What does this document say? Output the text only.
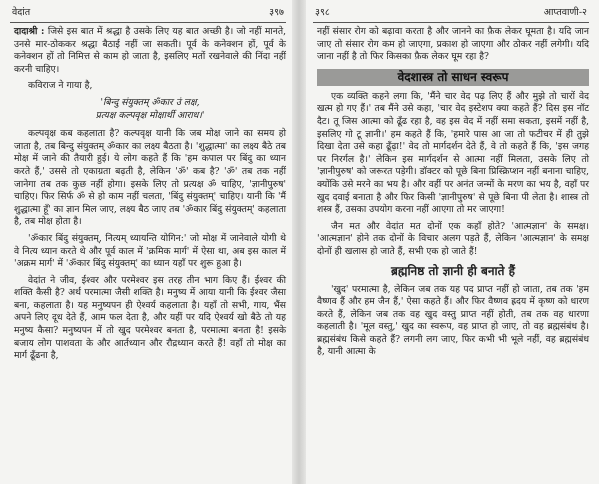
वेदांत	३९७

दादाश्री : जिसे इस बात में श्रद्धा है उसके लिए यह बात अच्छी है। जो नहीं मानते, उनसे मार-ठोककर श्रद्धा बैठाई नहीं जा सकती। पूर्व के कनेक्शन हों, पूर्व के कनेक्शन हों तो निमित्त से काम हो जाता है, इसलिए मतों रखनेवाले की निंदा नहीं करनी चाहिए।

कविराज ने गाया है,

'बिन्दु संयुक्तम् ॐकार उं लक्ष,
प्रत्यक्ष कल्पवृक्ष मोक्षार्थी आराध।'

कल्पवृक्ष कब कहलाता है? कल्पवृक्ष यानी कि जब मोक्ष जाने का समय हो जाता है, तब बिन्दु संयुक्तम् ॐकार का लक्ष्य बैठता है। 'शुद्धात्मा' का लक्ष्य बैठे तब मोक्ष में जाने की तैयारी हुई। ये लोग कहते हैं कि 'हम कपाल पर बिंदु का ध्यान करते हैं,' उससे तो एकाग्रता बढ़ती है, लेकिन 'ॐ' कब है? 'ॐ' तब तक नहीं जानेगा तब तक कुछ नहीं होगा। इसके लिए तो प्रत्यक्ष ॐ चाहिए, 'ज्ञानीपुरुष' चाहिए। फिर सिर्फ ॐ से हो काम नहीं चलता, 'बिंदु संयुक्तम्' चाहिए। यानी कि 'मैं शुद्धात्मा हूँ' का ज्ञान मिल जाए, लक्ष्य बैठ जाए तब 'ॐकार बिंदु संयुक्तम्' कहलाता है, तब मोक्ष होता है।

'ॐकार बिंदु संयुक्तम्, नित्यम् ध्यायन्ति योगिन:' जो मोक्ष में जानेवाले योगी थे वे नित्य ध्यान करते थे और पूर्व काल में 'क्रमिक मार्ग' में ऐसा था, अब इस काल में 'अक्रम मार्ग' में 'ॐकार बिंदु संयुक्तम्' का ध्यान यहाँ पर शुरू हुआ है।

वेदांत ने जीव, ईश्वर और परमेश्वर इस तरह तीन भाग किए हैं। ईश्वर की शक्ति कैसी है? अर्थ परमात्मा जैसी शक्ति है। मनुष्य में आया यानी कि ईश्वर जैसा बना, कहलाता है। यह मनुष्यपन ही ऐश्वर्य कहलाता है। यहाँ तो सभी, गाय, भैंस अपने लिए दूध देते हैं, आम फल देता है, और यहीं पर यदि ऐश्वर्य खो बैठे तो यह मनुष्य कैसा? मनुष्यपन में तो खुद परमेश्वर बनता है, परमात्मा बनता है! इसके बजाय लोग पाशवता के और आर्तध्यान और रौद्रध्यान करते हैं! वहाँ तो मोक्ष का मार्ग ढूँढना है,

३९८	आप्तवाणी-२

नहीं संसार रोग को बढ़ावा करता है और जानने का फ़ैक लेकर घूमता है। यदि जान जाए तो संसार रोग कम हो जाएगा, प्रकाश हो जाएगा और ठोकर नहीं लगेगी। यदि जाना नहीं है तो फिर किसका फ़ैक लेकर घूम रहा है?

वेदशास्त्र तो साधन स्वरूप

एक व्यक्ति कहने लगा कि, 'मैंने चार वेद पढ़ लिए हैं और मुझे तो चारों वेद खत्म हो गए हैं।' तब मैंने उसे कहा, 'चार वेद इस्टेशप क्या कहते हैं? दिस इस नॉट दैट। तू जिस आत्मा को ढूँढ रहा है, वह इस वेद में नहीं समा सकता, इसमें नहीं है, इसलिए गो टू ज्ञानी।' हम कहते हैं कि, 'हमारे पास आ जा तो फटीचर में ही तुझे दिखा देता उसे कहा ढूँढ़ा!' वेद तो मार्गदर्शन देते हैं, वे तो कहते हैं कि, 'इस जगह पर निरर्गल है।' लेकिन इस मार्गदर्शन से आत्मा नहीं मिलता, उसके लिए तो 'ज्ञानीपुरुष' को जरूरत पड़ेगी। डॉक्टर को पूछे बिना प्रिस्क्रिप्शन नहीं बनाना चाहिए, क्योंकि उसे मरने का भय है। और वहीं पर अनंत जन्मों के मरण का भय है, वहाँ पर खुद दवाई बनाता है और फिर किसी 'ज्ञानीपुरुष' से पूछे बिना पी लेता है। शास्त्र तो शस्त्र हैं, उसका उपयोग करना नहीं आएगा तो मर जाएगा!

जैन मत और वेदांत मत दोनों एक कहाँ होते? 'आत्मज्ञान' के समक्ष। 'आत्मज्ञान' होने तक दोनों के विचार अलग पड़ते हैं, लेकिन 'आत्मज्ञान' के समक्ष दोनों ही खलास हो जाते हैं, सभी एक हो जाते हैं!

ब्रह्मनिष्ठ तो ज्ञानी ही बनाते हैं

'खुद' परमात्मा है, लेकिन जब तक यह पद प्राप्त नहीं हो जाता, तब तक 'हम वैष्णव हैं और हम जैन हैं,' ऐसा कहते हैं। और फिर वैष्णव ह्रदय में कृष्ण को धारण करते हैं, लेकिन जब तक वह खुद वस्तु प्राप्त नहीं होती, तब तक वह धारणा कहलाती है। 'मूल वस्तु,' खुद का स्वरूप, वह प्राप्त हो जाए, तो वह ब्रह्मसंबंध है। ब्रह्मसंबंध किसे कहते हैं? लगनी लग जाए, फिर कभी भी भूले नहीं, वह ब्रह्मसंबंध है, यानी आत्मा के
